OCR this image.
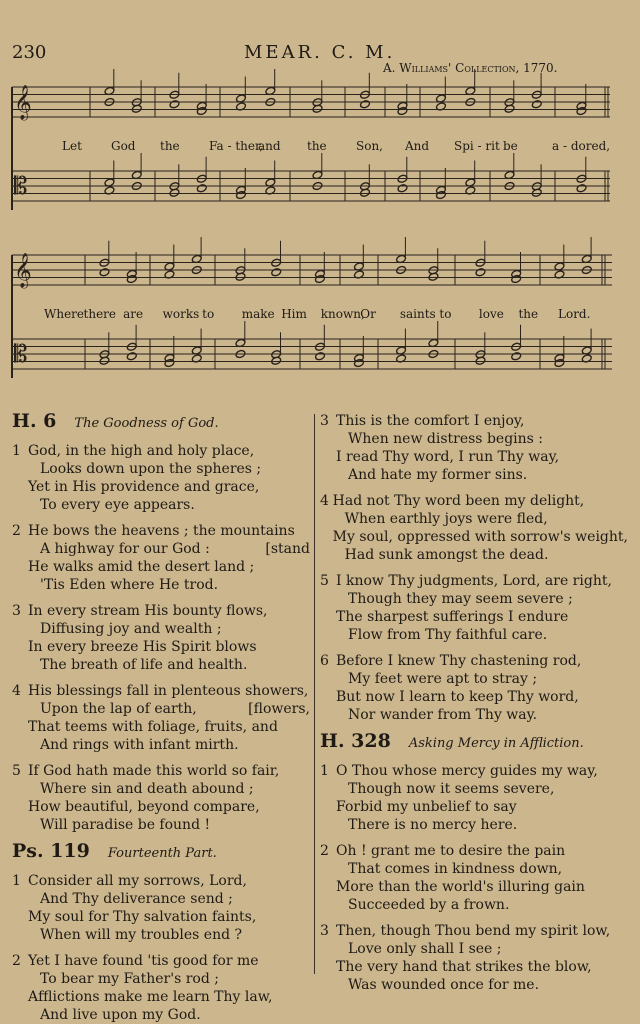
230	MEAR. C. M.
A. Williams' Collection, 1770.
𝄞
𝄞
𝄡
𝄡
Let God the Fa - ther,
and the Son, And Spi - rit be	a - dored,
Where there are works to make Him known,
Or saints to love the Lord.
H. 6 The Goodness of God.
1 God, in the high and holy place,
Looks down upon the spheres ;
Yet in His providence and grace,
To every eye appears.
2 He bows the heavens ; the mountains
A highway for our God :	[stand
He walks amid the desert land ;
'Tis Eden where He trod.
3 In every stream His bounty flows,
Diffusing joy and wealth ;
In every breeze His Spirit blows
The breath of life and health.
4 His blessings fall in plenteous showers,
Upon the lap of earth,	[flowers,
That teems with foliage, fruits, and
And rings with infant mirth.
5 If God hath made this world so fair,
Where sin and death abound ;
How beautiful, beyond compare,
Will paradise be found !
Ps. 119 Fourteenth Part.
1 Consider all my sorrows, Lord,
And Thy deliverance send ;
My soul for Thy salvation faints,
When will my troubles end ?
2 Yet I have found 'tis good for me
To bear my Father's rod ;
Afflictions make me learn Thy law,
And live upon my God.
3 This is the comfort I enjoy,
When new distress begins :
I read Thy word, I run Thy way,
And hate my former sins.
4 Had not Thy word been my delight,
When earthly joys were fled,
My soul, oppressed with sorrow's weight,
Had sunk amongst the dead.
5 I know Thy judgments, Lord, are right,
Though they may seem severe ;
The sharpest sufferings I endure
Flow from Thy faithful care.
6 Before I knew Thy chastening rod,
My feet were apt to stray ;
But now I learn to keep Thy word,
Nor wander from Thy way.
H. 328 Asking Mercy in Affliction.
1 O Thou whose mercy guides my way,
Though now it seems severe,
Forbid my unbelief to say
There is no mercy here.
2 Oh ! grant me to desire the pain
That comes in kindness down,
More than the world's illuring gain
Succeeded by a frown.
3 Then, though Thou bend my spirit low,
Love only shall I see ;
The very hand that strikes the blow,
Was wounded once for me.
